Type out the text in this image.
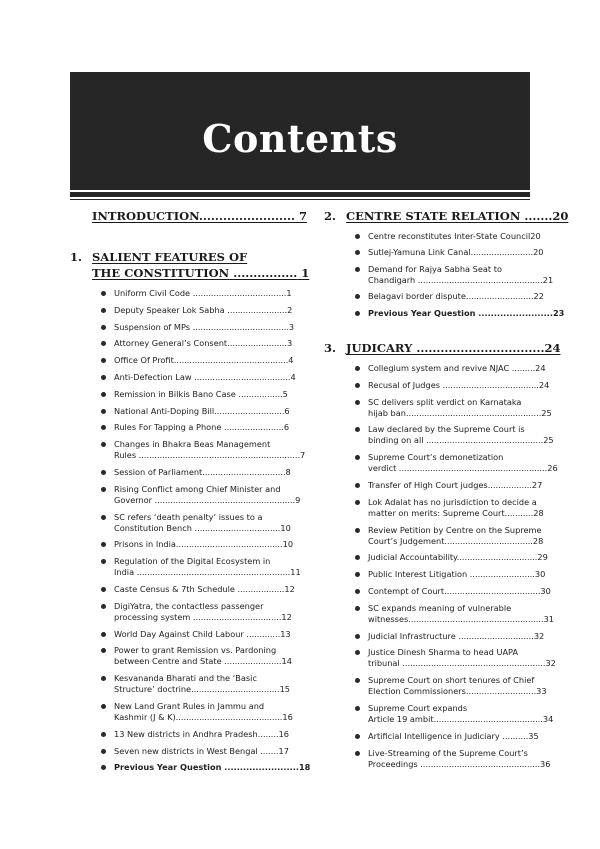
Contents
INTRODUCTION........................ 7
1. SALIENT FEATURES OF
THE CONSTITUTION ................ 1
Uniform Civil Code ....................................1
Deputy Speaker Lok Sabha .......................2
Suspension of MPs .....................................3
Attorney General’s Consent.......................3
Office Of Profit............................................4
Anti-Defection Law .....................................4
Remission in Bilkis Bano Case .................5
National Anti-Doping Bill...........................6
Rules For Tapping a Phone .......................6
Changes in Bhakra Beas Management
Rules ..............................................................7
Session of Parliament................................8
Rising Conflict among Chief Minister and
Governor ......................................................9
SC refers ‘death penalty’ issues to a
Constitution Bench .................................10
Prisons in India.........................................10
Regulation of the Digital Ecosystem in
India ...........................................................11
Caste Census & 7th Schedule ..................12
DigiYatra, the contactless passenger
processing system ..................................12
World Day Against Child Labour .............13
Power to grant Remission vs. Pardoning
between Centre and State ......................14
Kesvananda Bharati and the ‘Basic
Structure’ doctrine..................................15
New Land Grant Rules in Jammu and
Kashmir (J & K).........................................16
13 New districts in Andhra Pradesh........16
Seven new districts in West Bengal .......17
Previous Year Question ........................18
2. CENTRE STATE RELATION .......20
Centre reconstitutes Inter-State Council20
Sutlej-Yamuna Link Canal........................20
Demand for Rajya Sabha Seat to
Chandigarh ................................................21
Belagavi border dispute..........................22
Previous Year Question ........................23
3. JUDICARY ................................24
Collegium system and revive NJAC .........24
Recusal of Judges .....................................24
SC delivers split verdict on Karnataka
hijab ban....................................................25
Law declared by the Supreme Court is
binding on all .............................................25
Supreme Court’s demonetization
verdict .........................................................26
Transfer of High Court judges.................27
Lok Adalat has no jurisdiction to decide a
matter on merits: Supreme Court...........28
Review Petition by Centre on the Supreme
Court’s Judgement..................................28
Judicial Accountability...............................29
Public Interest Litigation .........................30
Contempt of Court.....................................30
SC expands meaning of vulnerable
witnesses....................................................31
Judicial Infrastructure .............................32
Justice Dinesh Sharma to head UAPA
tribunal .......................................................32
Supreme Court on short tenures of Chief
Election Commissioners...........................33
Supreme Court expands
Article 19 ambit..........................................34
Artificial Intelligence in Judiciary ..........35
Live-Streaming of the Supreme Court’s
Proceedings ..............................................36
